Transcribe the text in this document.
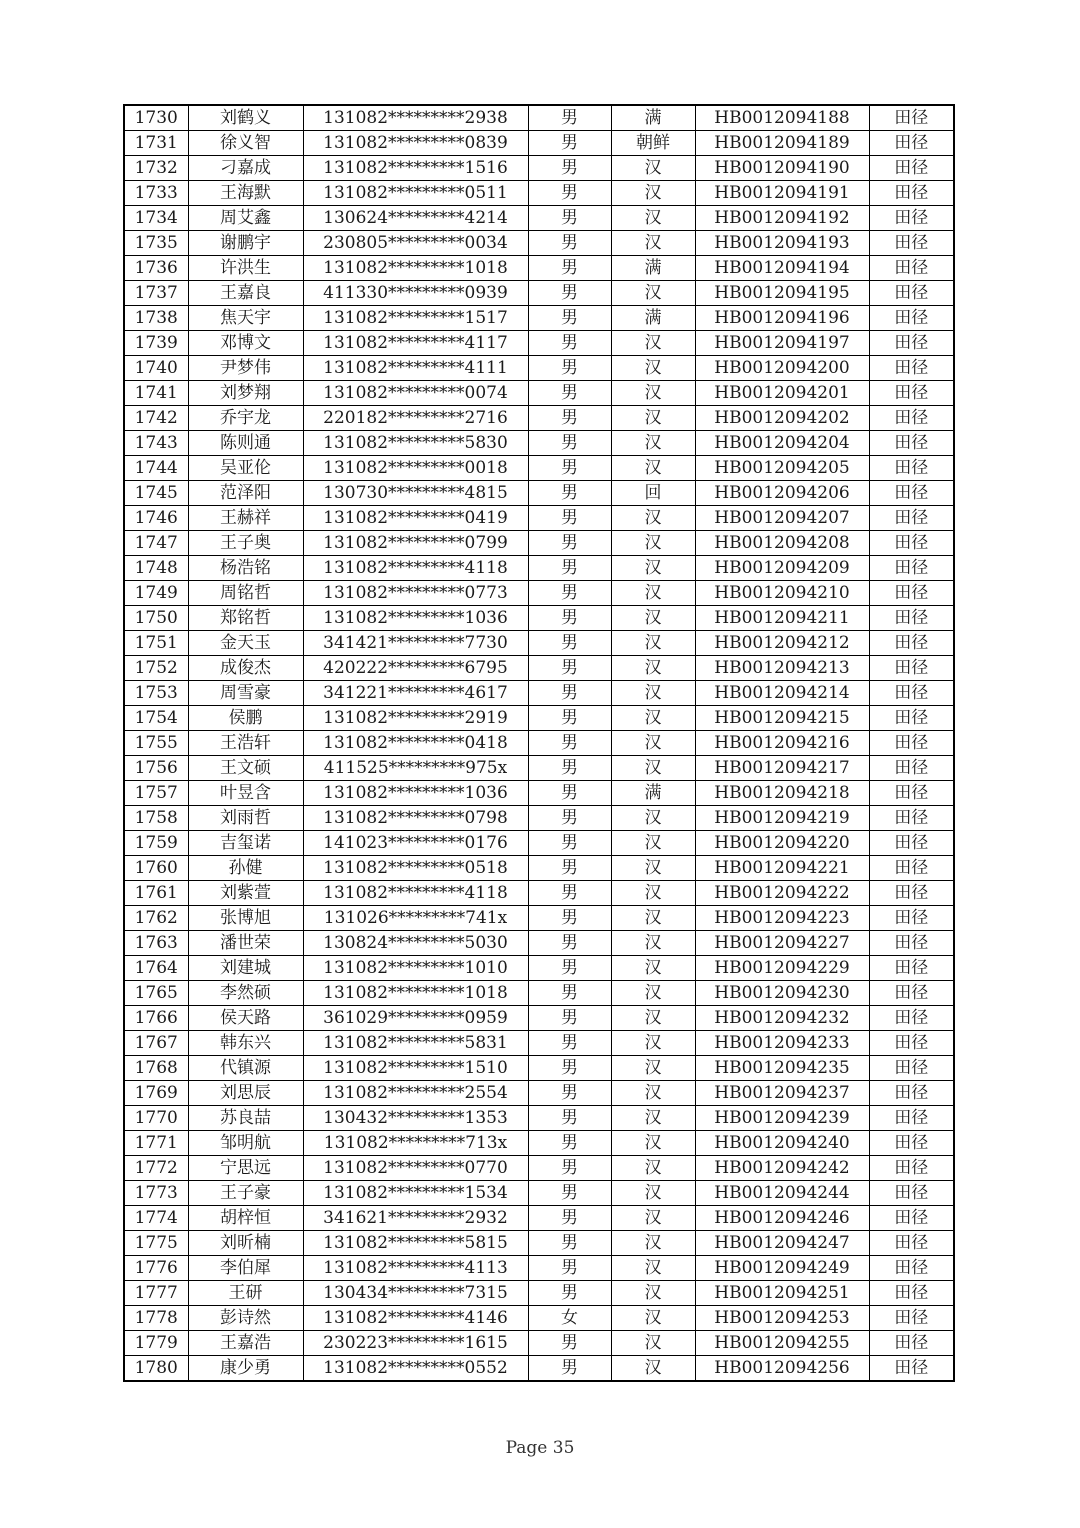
1730	刘鹤义	131082*********2938	男	满	HB0012094188	田径
1731	徐义智	131082*********0839	男	朝鲜	HB0012094189	田径
1732	刁嘉成	131082*********1516	男	汉	HB0012094190	田径
1733	王海默	131082*********0511	男	汉	HB0012094191	田径
1734	周艾鑫	130624*********4214	男	汉	HB0012094192	田径
1735	谢鹏宇	230805*********0034	男	汉	HB0012094193	田径
1736	许洪生	131082*********1018	男	满	HB0012094194	田径
1737	王嘉良	411330*********0939	男	汉	HB0012094195	田径
1738	焦天宇	131082*********1517	男	满	HB0012094196	田径
1739	邓博文	131082*********4117	男	汉	HB0012094197	田径
1740	尹梦伟	131082*********4111	男	汉	HB0012094200	田径
1741	刘梦翔	131082*********0074	男	汉	HB0012094201	田径
1742	乔宇龙	220182*********2716	男	汉	HB0012094202	田径
1743	陈则通	131082*********5830	男	汉	HB0012094204	田径
1744	吴亚伦	131082*********0018	男	汉	HB0012094205	田径
1745	范泽阳	130730*********4815	男	回	HB0012094206	田径
1746	王赫祥	131082*********0419	男	汉	HB0012094207	田径
1747	王子奥	131082*********0799	男	汉	HB0012094208	田径
1748	杨浩铭	131082*********4118	男	汉	HB0012094209	田径
1749	周铭哲	131082*********0773	男	汉	HB0012094210	田径
1750	郑铭哲	131082*********1036	男	汉	HB0012094211	田径
1751	金天玉	341421*********7730	男	汉	HB0012094212	田径
1752	成俊杰	420222*********6795	男	汉	HB0012094213	田径
1753	周雪豪	341221*********4617	男	汉	HB0012094214	田径
1754	侯鹏	131082*********2919	男	汉	HB0012094215	田径
1755	王浩轩	131082*********0418	男	汉	HB0012094216	田径
1756	王文硕	411525*********975x	男	汉	HB0012094217	田径
1757	叶昱含	131082*********1036	男	满	HB0012094218	田径
1758	刘雨哲	131082*********0798	男	汉	HB0012094219	田径
1759	吉玺诺	141023*********0176	男	汉	HB0012094220	田径
1760	孙健	131082*********0518	男	汉	HB0012094221	田径
1761	刘紫萱	131082*********4118	男	汉	HB0012094222	田径
1762	张博旭	131026*********741x	男	汉	HB0012094223	田径
1763	潘世荣	130824*********5030	男	汉	HB0012094227	田径
1764	刘建城	131082*********1010	男	汉	HB0012094229	田径
1765	李然硕	131082*********1018	男	汉	HB0012094230	田径
1766	侯天路	361029*********0959	男	汉	HB0012094232	田径
1767	韩东兴	131082*********5831	男	汉	HB0012094233	田径
1768	代镇源	131082*********1510	男	汉	HB0012094235	田径
1769	刘思辰	131082*********2554	男	汉	HB0012094237	田径
1770	苏良喆	130432*********1353	男	汉	HB0012094239	田径
1771	邹明航	131082*********713x	男	汉	HB0012094240	田径
1772	宁思远	131082*********0770	男	汉	HB0012094242	田径
1773	王子豪	131082*********1534	男	汉	HB0012094244	田径
1774	胡梓恒	341621*********2932	男	汉	HB0012094246	田径
1775	刘昕楠	131082*********5815	男	汉	HB0012094247	田径
1776	李伯犀	131082*********4113	男	汉	HB0012094249	田径
1777	王研	130434*********7315	男	汉	HB0012094251	田径
1778	彭诗然	131082*********4146	女	汉	HB0012094253	田径
1779	王嘉浩	230223*********1615	男	汉	HB0012094255	田径
1780	康少勇	131082*********0552	男	汉	HB0012094256	田径
Page 35
